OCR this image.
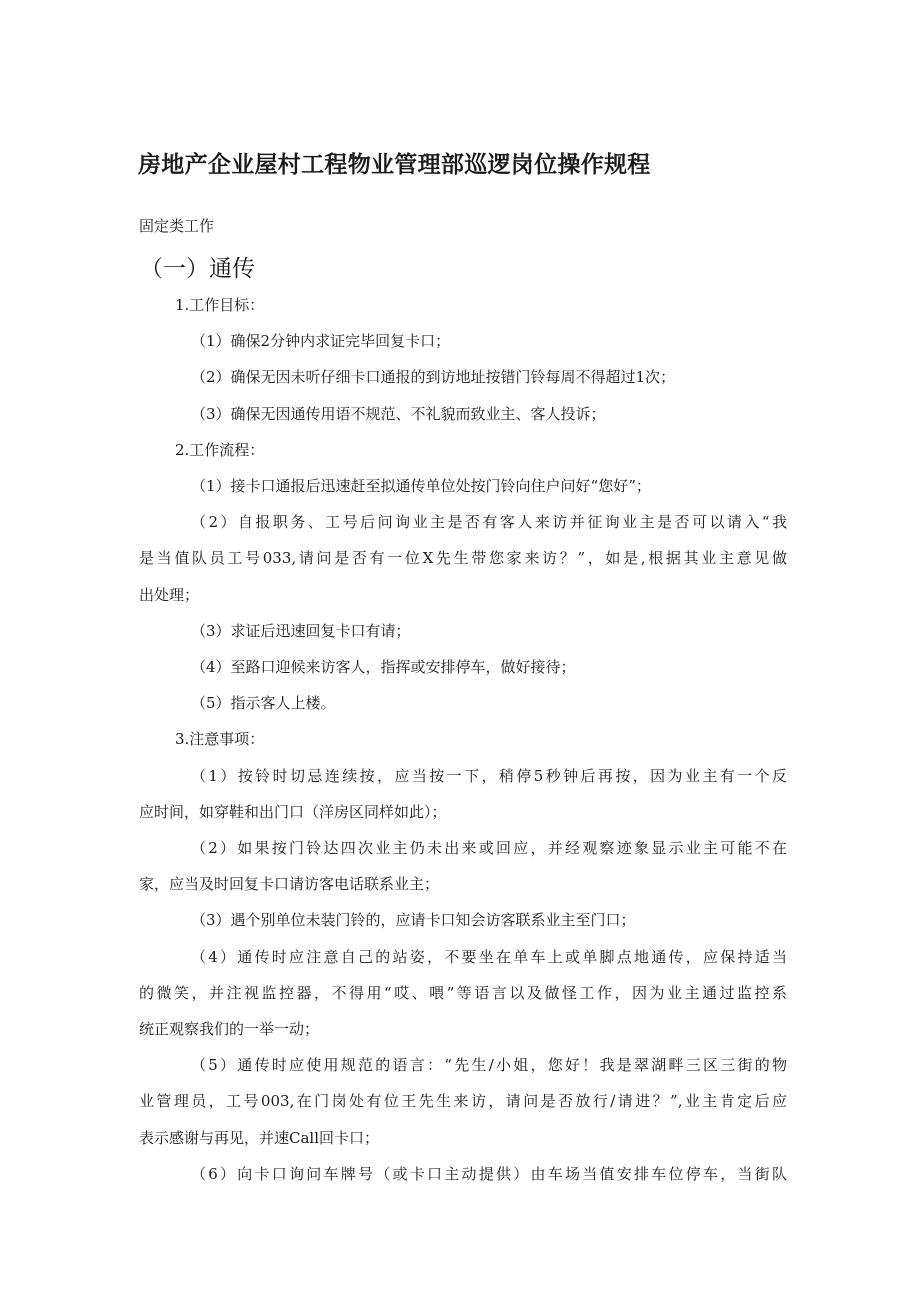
房地产企业屋村工程物业管理部巡逻岗位操作规程
固定类工作
（一）通传

1.工作目标：

（1）确保2分钟内求证完毕回复卡口；

（2）确保无因未听仔细卡口通报的到访地址按错门铃每周不得超过1次；

（3）确保无因通传用语不规范、不礼貌而致业主、客人投诉；

2.工作流程：

（1）接卡口通报后迅速赶至拟通传单位处按门铃向住户问好“您好”；

（2）自报职务、工号后问询业主是否有客人来访并征询业主是否可以请入“我

是当值队员工号033,请问是否有一位X先生带您家来访？”，如是,根据其业主意见做

出处理；

（3）求证后迅速回复卡口有请；

（4）至路口迎候来访客人，指挥或安排停车，做好接待；

（5）指示客人上楼。

3.注意事项：

（1）按铃时切忌连续按，应当按一下，稍停5秒钟后再按，因为业主有一个反

应时间，如穿鞋和出门口（洋房区同样如此）；

（2）如果按门铃达四次业主仍未出来或回应，并经观察迹象显示业主可能不在

家，应当及时回复卡口请访客电话联系业主；

（3）遇个别单位未装门铃的，应请卡口知会访客联系业主至门口；

（4）通传时应注意自己的站姿，不要坐在单车上或单脚点地通传，应保持适当

的微笑，并注视监控器，不得用“哎、喂”等语言以及做怪工作，因为业主通过监控系

统正观察我们的一举一动；

（5）通传时应使用规范的语言：“先生/小姐，您好！我是翠湖畔三区三街的物

业管理员，工号003,在门岗处有位王先生来访，请问是否放行/请进？”,业主肯定后应

表示感谢与再见，并速Call回卡口；

（6）向卡口询问车牌号（或卡口主动提供）由车场当值安排车位停车，当街队
